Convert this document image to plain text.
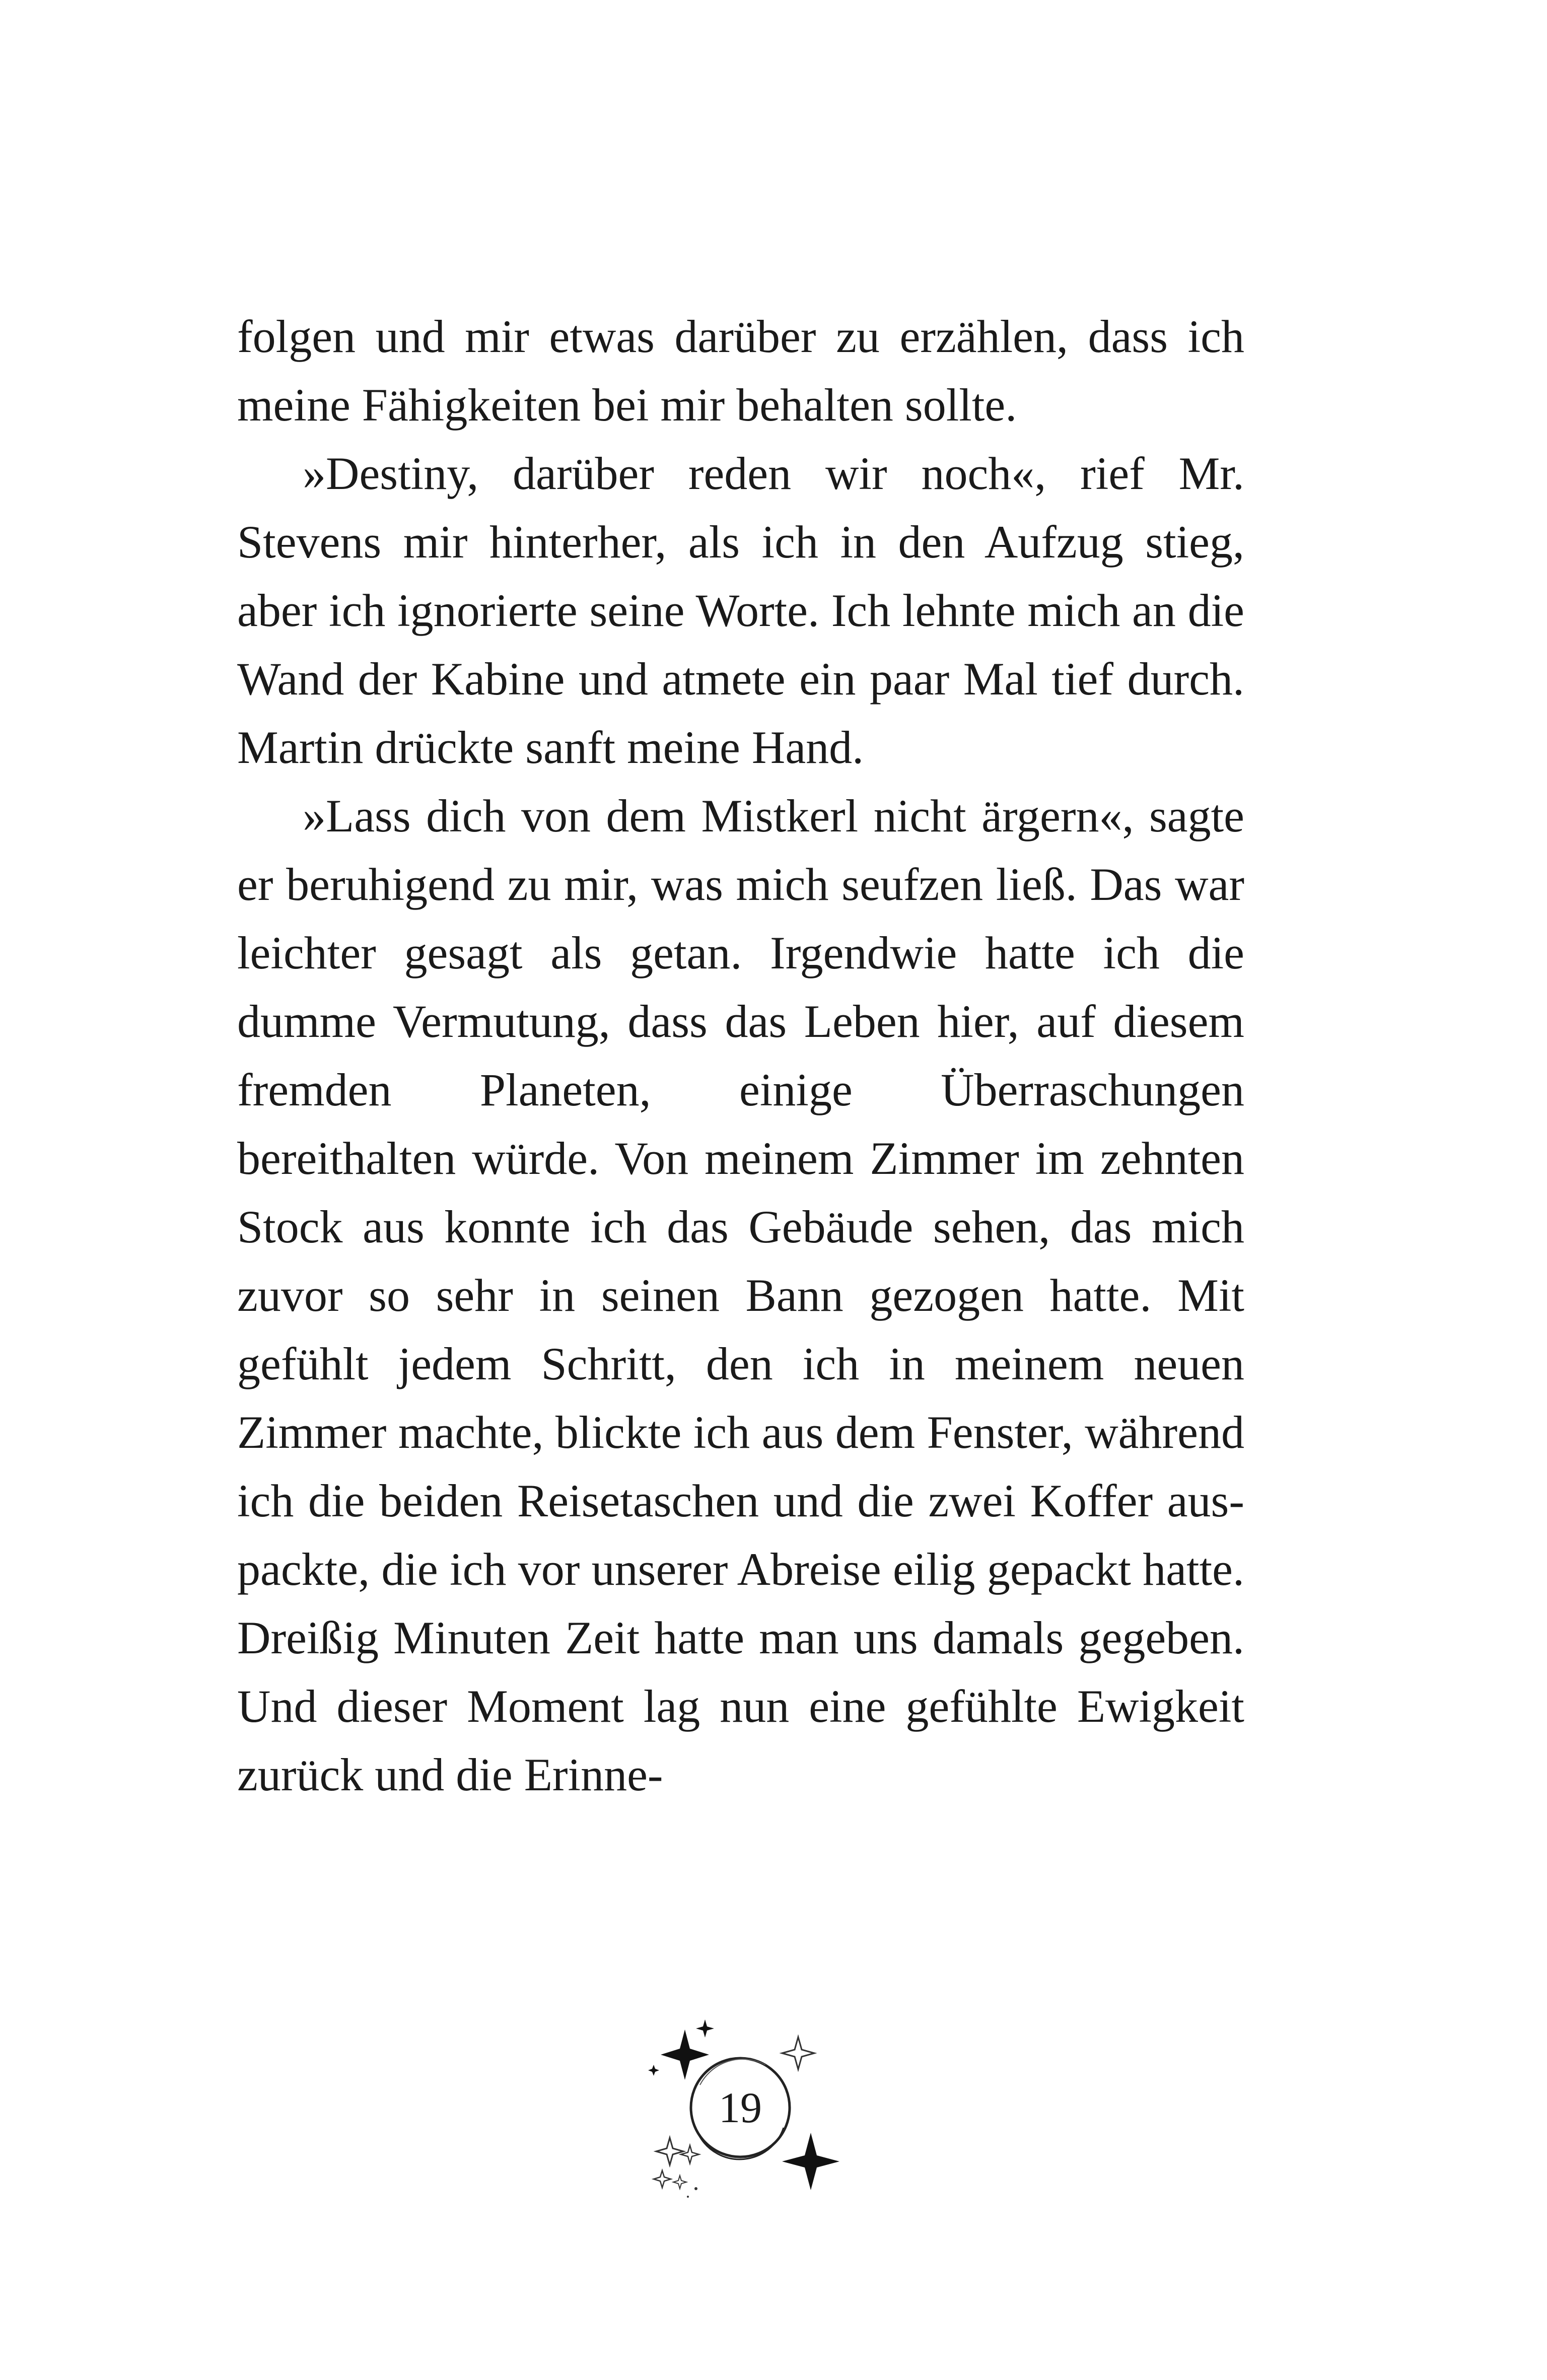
folgen und mir etwas darüber zu erzählen, dass ich meine Fähigkeiten bei mir behalten sollte.

»Destiny, darüber reden wir noch«, rief Mr. Stevens mir hinterher, als ich in den Aufzug stieg, aber ich ignorierte seine Worte. Ich lehnte mich an die Wand der Kabine und atmete ein paar Mal tief durch. Martin drückte sanft meine Hand.

»Lass dich von dem Mistkerl nicht ärgern«, sagte er beruhigend zu mir, was mich seufzen ließ. Das war leichter gesagt als getan. Irgendwie hatte ich die dumme Vermutung, dass das Leben hier, auf diesem fremden Planeten, einige Überraschungen bereithalten würde. Von meinem Zimmer im zehnten Stock aus konnte ich das Gebäude sehen, das mich zuvor so sehr in seinen Bann gezogen hatte. Mit gefühlt jedem Schritt, den ich in meinem neuen Zimmer machte, blickte ich aus dem Fenster, während ich die beiden Reisetaschen und die zwei Koffer auspackte, die ich vor unserer Abreise eilig gepackt hatte. Dreißig Minuten Zeit hatte man uns damals gegeben. Und dieser Moment lag nun eine gefühlte Ewigkeit zurück und die Erinne-

19
